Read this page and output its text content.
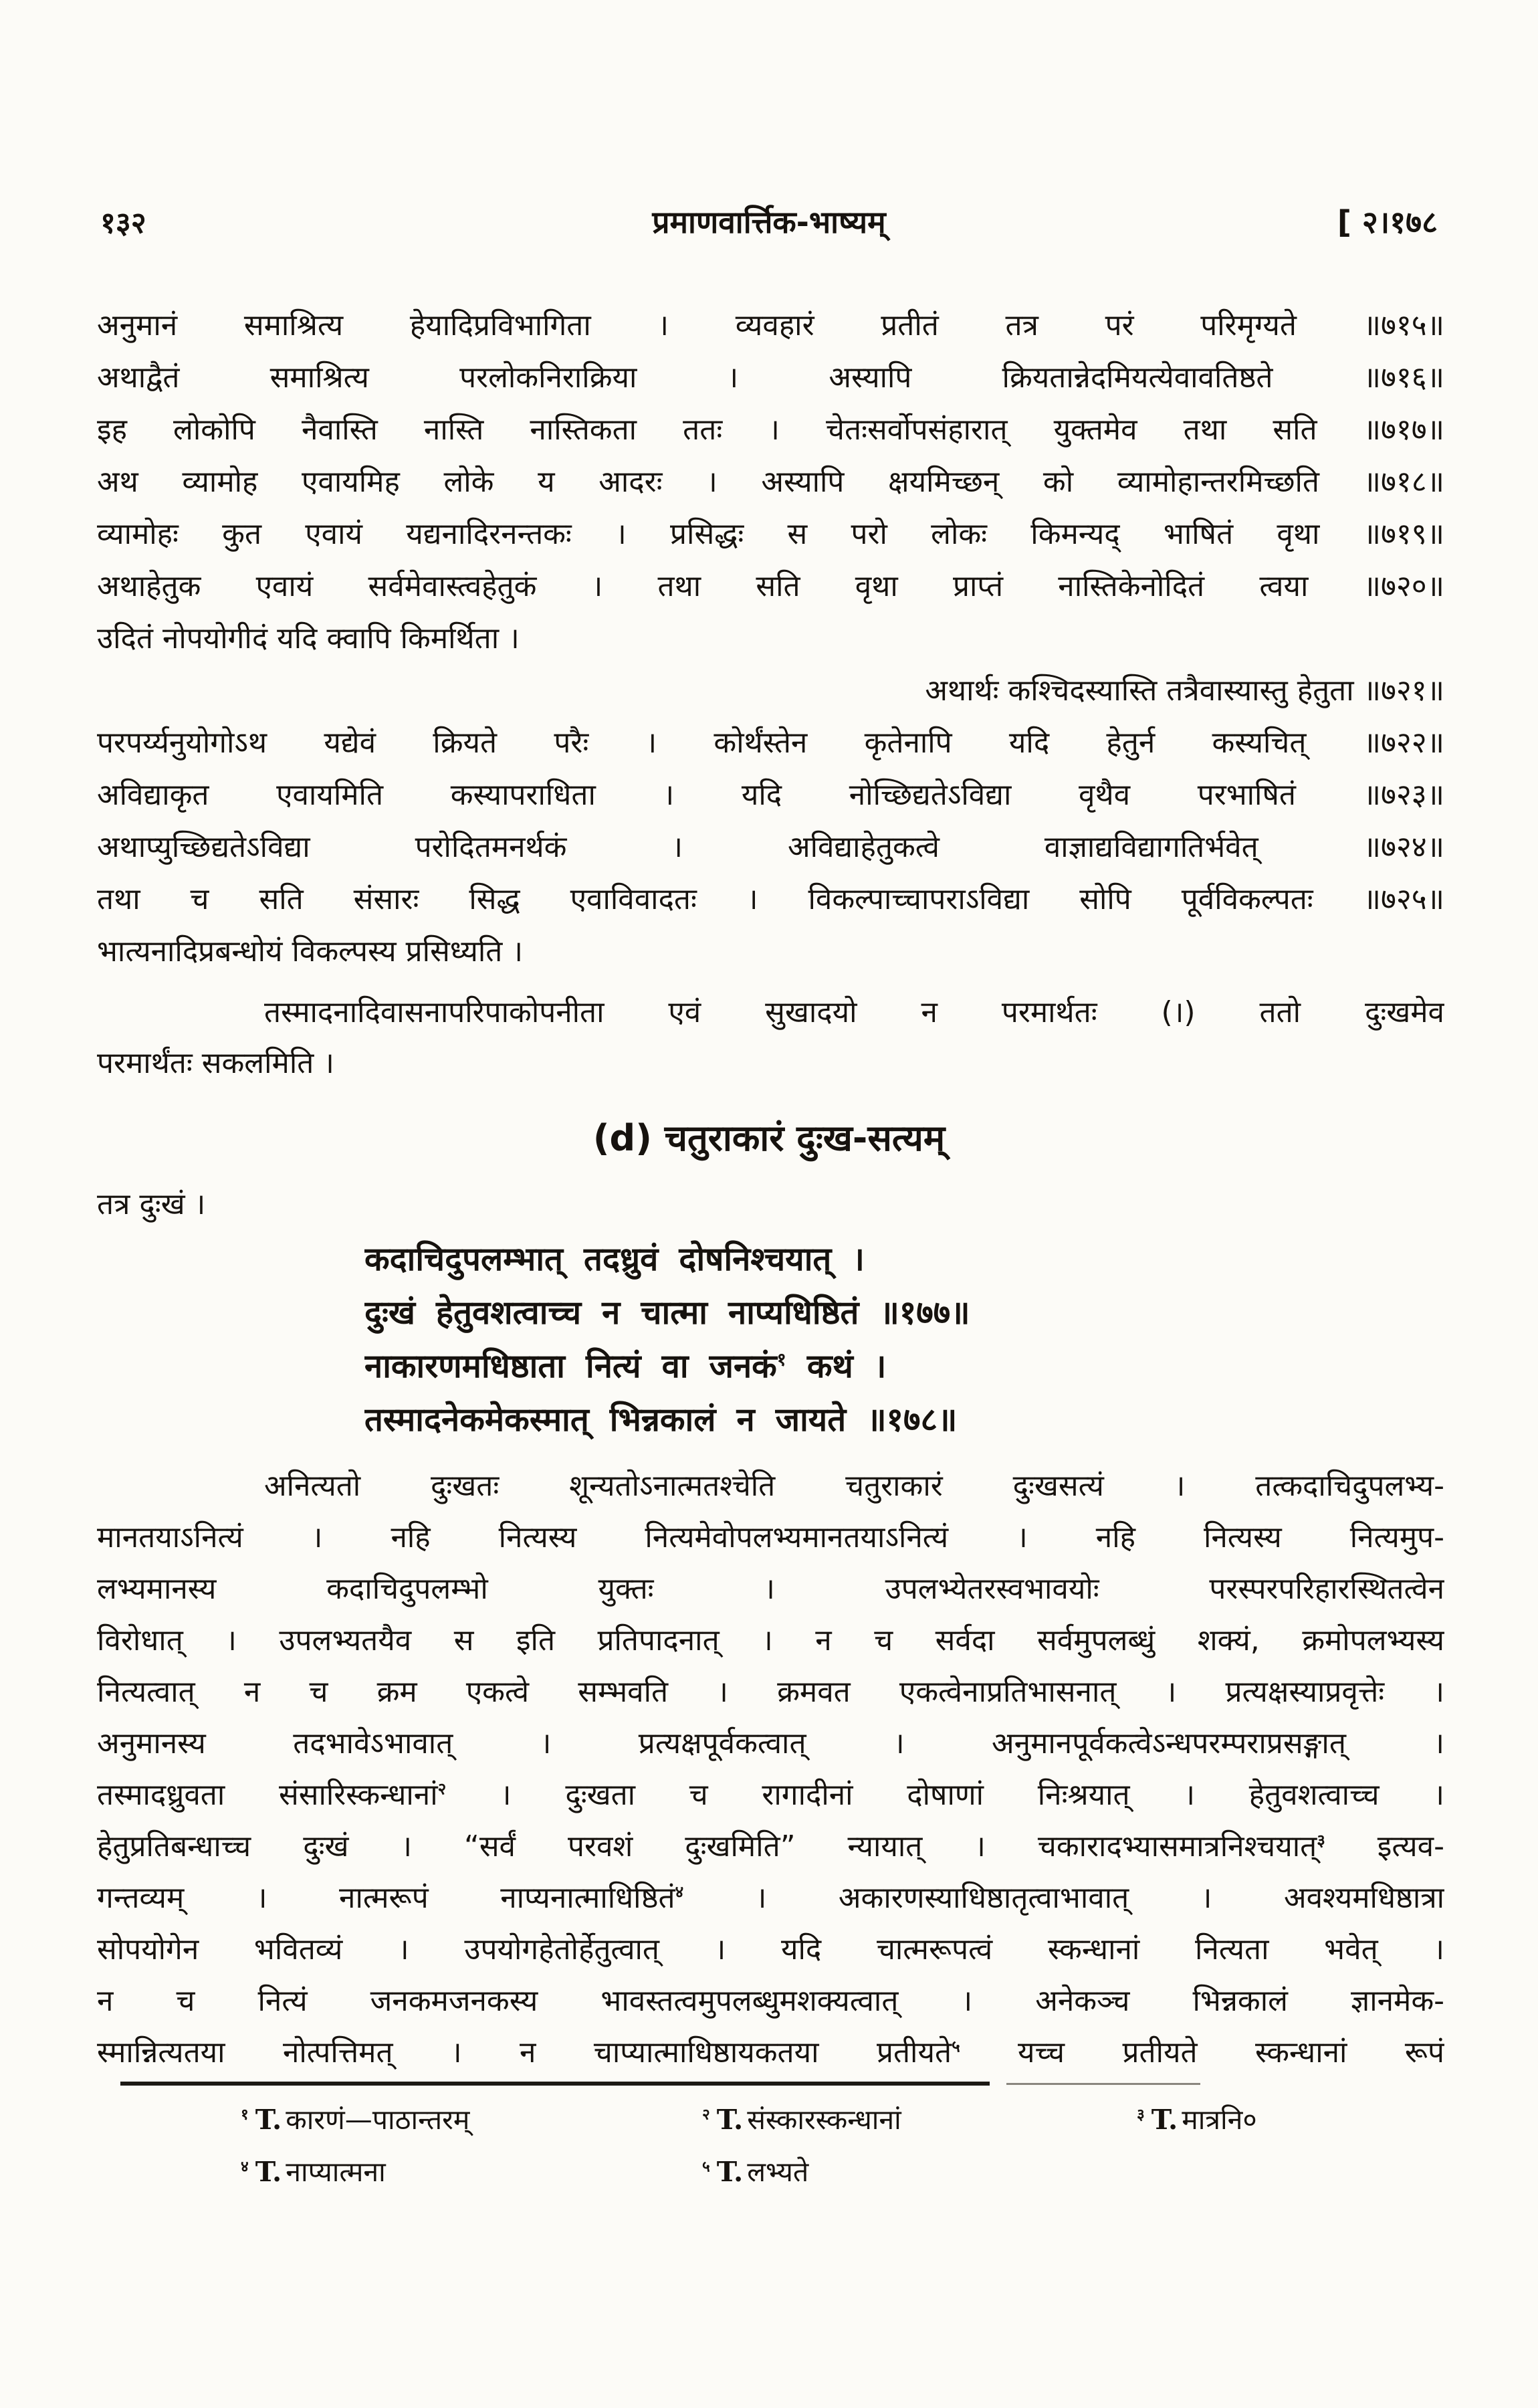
१३२	प्रमाणवार्त्तिक-भाष्यम्	[ २।१७८
अनुमानं समाश्रित्य हेयादिप्रविभागिता । व्यवहारं प्रतीतं तत्र परं परिमृग्यते ॥७१५॥
अथाद्वैतं समाश्रित्य परलोकनिराक्रिया । अस्यापि क्रियतान्नेदमियत्येवावतिष्ठते ॥७१६॥
इह लोकोपि नैवास्ति नास्ति नास्तिकता ततः । चेतःसर्वोपसंहारात् युक्तमेव तथा सति ॥७१७॥
अथ व्यामोह एवायमिह लोके य आदरः । अस्यापि क्षयमिच्छन् को व्यामोहान्तरमिच्छति ॥७१८॥
व्यामोहः कुत एवायं यद्यनादिरनन्तकः । प्रसिद्धः स परो लोकः किमन्यद् भाषितं वृथा ॥७१९॥
अथाहेतुक एवायं सर्वमेवास्त्वहेतुकं । तथा सति वृथा प्राप्तं नास्तिकेनोदितं त्वया ॥७२०॥
उदितं नोपयोगीदं यदि क्वापि किमर्थिता ।
अथार्थः कश्चिदस्यास्ति तत्रैवास्यास्तु हेतुता ॥७२१॥
परपर्य्यनुयोगोऽथ यद्येवं क्रियते परैः । कोर्थंस्तेन कृतेनापि यदि हेतुर्न कस्यचित् ॥७२२॥
अविद्याकृत एवायमिति कस्यापराधिता । यदि नोच्छिद्यतेऽविद्या वृथैव परभाषितं ॥७२३॥
अथाप्युच्छिद्यतेऽविद्या परोदितमनर्थकं । अविद्याहेतुकत्वे वाज्ञाद्यविद्यागतिर्भवेत् ॥७२४॥
तथा च सति संसारः सिद्ध एवाविवादतः । विकल्पाच्चापराऽविद्या सोपि पूर्वविकल्पतः ॥७२५॥
भात्यनादिप्रबन्धोयं विकल्पस्य प्रसिध्यति ।
तस्मादनादिवासनापरिपाकोपनीता एवं सुखादयो न परमार्थतः (।) ततो दुःखमेव
परमार्थंतः सकलमिति ।
(d) चतुराकारं दुःख-सत्यम्
तत्र दुःखं ।
कदाचिदुपलम्भात् तदध्रुवं दोषनिश्चयात् ।
दुःखं हेतुवशत्वाच्च न चात्मा नाप्यधिष्ठितं ॥१७७॥
नाकारणमधिष्ठाता नित्यं वा जनकं$^१$ कथं ।
तस्मादनेकमेकस्मात् भिन्नकालं न जायते ॥१७८॥
अनित्यतो दुःखतः शून्यतोऽनात्मतश्चेति चतुराकारं दुःखसत्यं । तत्कदाचिदुपलभ्य-
मानतयाऽनित्यं । नहि नित्यस्य नित्यमेवोपलभ्यमानतयाऽनित्यं । नहि नित्यस्य नित्यमुप-
लभ्यमानस्य कदाचिदुपलम्भो युक्तः । उपलभ्येतरस्वभावयोः परस्परपरिहारस्थितत्वेन
विरोधात् । उपलभ्यतयैव स इति प्रतिपादनात् । न च सर्वदा सर्वमुपलब्धुं शक्यं, क्रमोपलभ्यस्य
नित्यत्वात् न च क्रम एकत्वे सम्भवति । क्रमवत एकत्वेनाप्रतिभासनात् । प्रत्यक्षस्याप्रवृत्तेः ।
अनुमानस्य तदभावेऽभावात् । प्रत्यक्षपूर्वकत्वात् । अनुमानपूर्वकत्वेऽन्धपरम्पराप्रसङ्गात् ।
तस्मादध्रुवता संसारिस्कन्धानां$^२$ । दुःखता च रागादीनां दोषाणां निःश्रयात् । हेतुवशत्वाच्च ।
हेतुप्रतिबन्धाच्च दुःखं । “सर्वं परवशं दुःखमिति” न्यायात् । चकारादभ्यासमात्रनिश्चयात्$^३$ इत्यव-
गन्तव्यम् । नात्मरूपं नाप्यनात्माधिष्ठितं$^४$ । अकारणस्याधिष्ठातृत्वाभावात् । अवश्यमधिष्ठात्रा
सोपयोगेन भवितव्यं । उपयोगहेतोर्हेतुत्वात् । यदि चात्मरूपत्वं स्कन्धानां नित्यता भवेत् ।
न च नित्यं जनकमजनकस्य भावस्तत्वमुपलब्धुमशक्यत्वात् । अनेकञ्च भिन्नकालं ज्ञानमेक-
स्मान्नित्यतया नोत्पत्तिमत् । न चाप्यात्माधिष्ठायकतया प्रतीयते$^५$ यच्च प्रतीयते स्कन्धानां रूपं
$^१$ T. कारणं—पाठान्तरम्	$^२$ T. संस्कारस्कन्धानां	$^३$ T. मात्रनि०
$^४$ T. नाप्यात्मना	$^५$ T. लभ्यते
